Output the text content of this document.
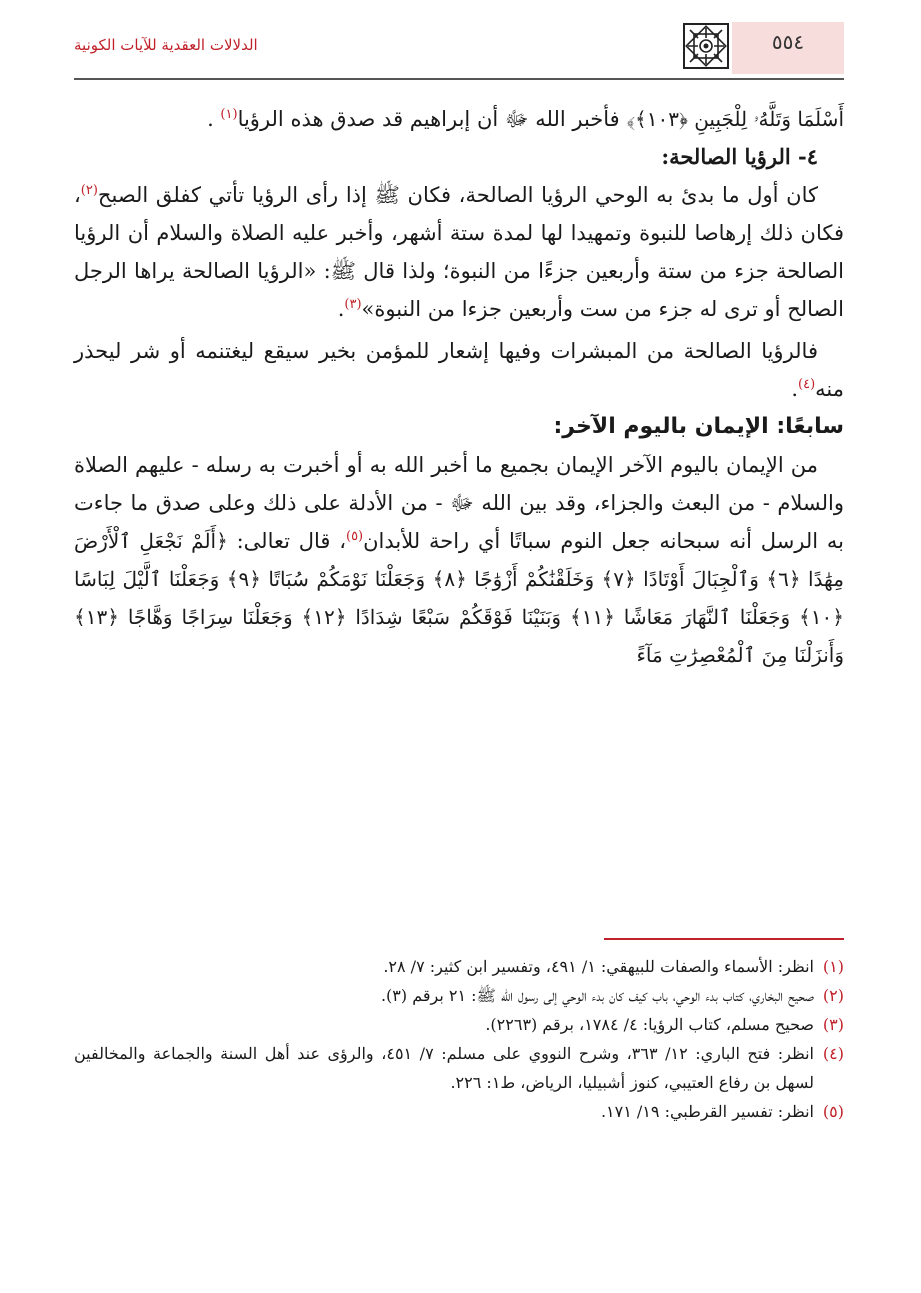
الدلالات العقدية للآيات الكونية	٥٥٤

أَسْلَمَا وَتَلَّهُۥ لِلْجَبِينِ ﴿١٠٣﴾﴾ فأخبر الله ﷻ أن إبراهيم قد صدق هذه الرؤيا$^{(١)}$ .

٤- الرؤيا الصالحة:

كان أول ما بدئ به الوحي الرؤيا الصالحة، فكان ﷺ إذا رأى الرؤيا تأتي كفلق الصبح$^{(٢)}$، فكان ذلك إرهاصا للنبوة وتمهيدا لها لمدة ستة أشهر، وأخبر عليه الصلاة والسلام أن الرؤيا الصالحة جزء من ستة وأربعين جزءًا من النبوة؛ ولذا قال ﷺ: «الرؤيا الصالحة يراها الرجل الصالح أو ترى له جزء من ست وأربعين جزءا من النبوة»$^{(٣)}$.

فالرؤيا الصالحة من المبشرات وفيها إشعار للمؤمن بخير سيقع ليغتنمه أو شر ليحذر منه$^{(٤)}$.

سابعًا: الإيمان باليوم الآخر:

من الإيمان باليوم الآخر الإيمان بجميع ما أخبر الله به أو أخبرت به رسله - عليهم الصلاة والسلام - من البعث والجزاء، وقد بين الله ﷻ - من الأدلة على ذلك وعلى صدق ما جاءت به الرسل أنه سبحانه جعل النوم سباتًا أي راحة للأبدان$^{(٥)}$، قال تعالى: ﴿أَلَمْ نَجْعَلِ ٱلْأَرْضَ مِهَٰدًا ﴿٦﴾ وَٱلْجِبَالَ أَوْتَادًا ﴿٧﴾ وَخَلَقْنَٰكُمْ أَزْوَٰجًا ﴿٨﴾ وَجَعَلْنَا نَوْمَكُمْ سُبَاتًا ﴿٩﴾ وَجَعَلْنَا ٱلَّيْلَ لِبَاسًا ﴿١٠﴾ وَجَعَلْنَا ٱلنَّهَارَ مَعَاشًا ﴿١١﴾ وَبَنَيْنَا فَوْقَكُمْ سَبْعًا شِدَادًا ﴿١٢﴾ وَجَعَلْنَا سِرَاجًا وَهَّاجًا ﴿١٣﴾ وَأَنزَلْنَا مِنَ ٱلْمُعْصِرَٰتِ مَآءً

(١)
انظر: الأسماء والصفات للبيهقي: ١/ ٤٩١، وتفسير ابن كثير: ٧/ ٢٨.
(٢)
صحيح البخاري، كتاب بدء الوحي، باب كيف كان بدء الوحي إلى رسول الله ﷺ: ٢١ برقم (٣).
(٣)
صحيح مسلم، كتاب الرؤيا: ٤/ ١٧٨٤، برقم (٢٢٦٣).
(٤)
انظر: فتح الباري: ١٢/ ٣٦٣، وشرح النووي على مسلم: ٧/ ٤٥١، والرؤى عند أهل السنة والجماعة والمخالفين لسهل بن رفاع العتيبي، كنوز أشبيليا، الرياض، ط١: ٢٢٦.
(٥)
انظر: تفسير القرطبي: ١٩/ ١٧١.
